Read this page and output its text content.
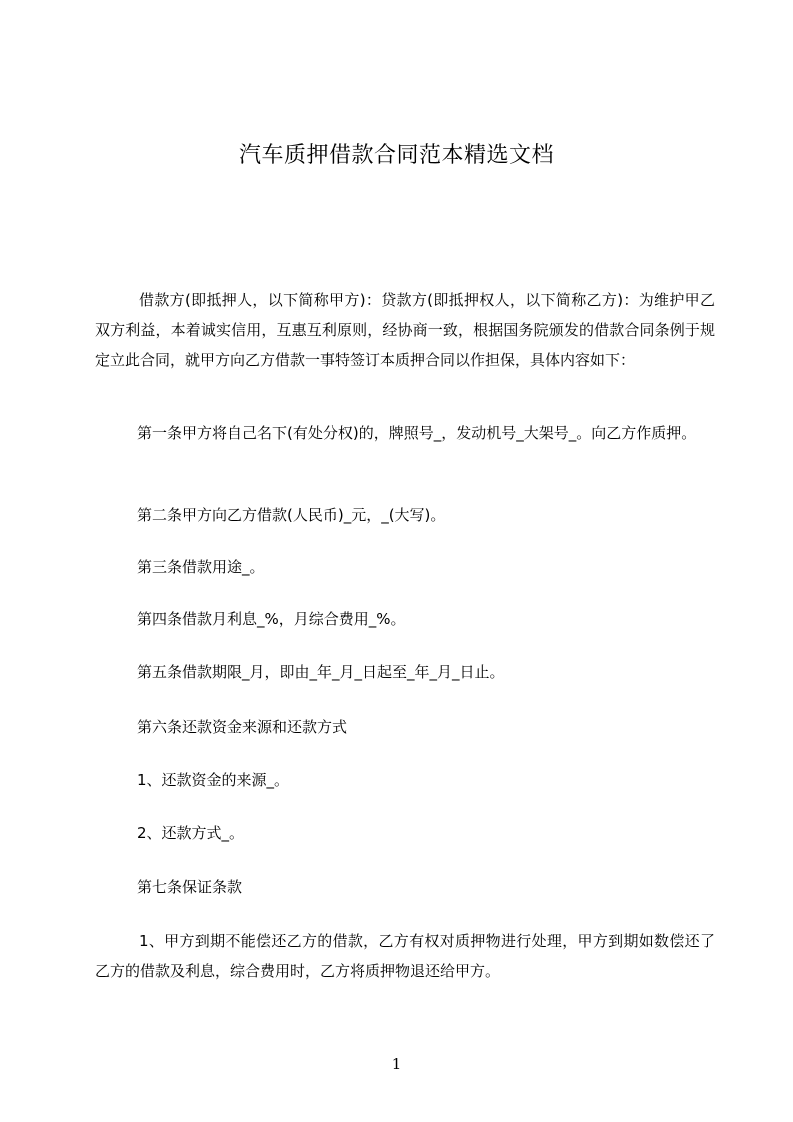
汽车质押借款合同范本精选文档

借款方(即抵押人，以下简称甲方)：贷款方(即抵押权人，以下简称乙方)：为维护甲乙双方利益，本着诚实信用，互惠互利原则，经协商一致，根据国务院颁发的借款合同条例于规定立此合同，就甲方向乙方借款一事特签订本质押合同以作担保，具体内容如下：

第一条甲方将自己名下(有处分权)的，牌照号_，发动机号_大架号_。向乙方作质押。

第二条甲方向乙方借款(人民币)_元，_(大写)。

第三条借款用途_。

第四条借款月利息_%，月综合费用_%。

第五条借款期限_月，即由_年_月_日起至_年_月_日止。

第六条还款资金来源和还款方式

1、还款资金的来源_。

2、还款方式_。

第七条保证条款

1、甲方到期不能偿还乙方的借款，乙方有权对质押物进行处理，甲方到期如数偿还了乙方的借款及利息，综合费用时，乙方将质押物退还给甲方。

1
